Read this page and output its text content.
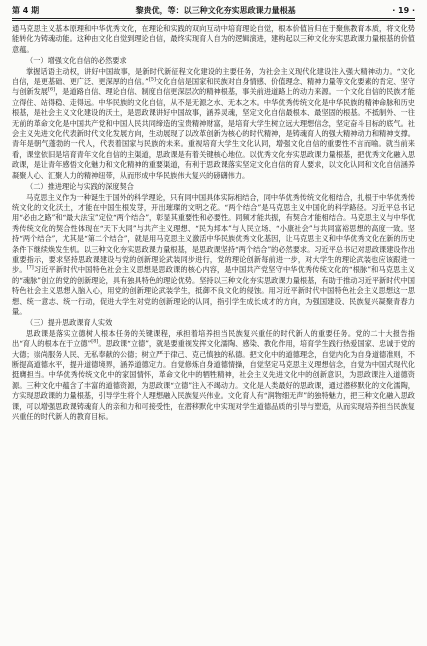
第 4 期	黎贵优，等：以三种文化夯实思政课力量根基	· 19 ·

通马克思主义基本原理和中华优秀文化，在理论和实践的双向互动中培育理论自觉，根本价值旨归在于聚焦教育本质，将文化势能转化为铸魂动能。这种由文化自觉到理论自信，最终实现育人自为的逻辑演进，建构起以三种文化夯实思政课力量根基的价值意蕴。

（一）增强文化自信的必然要求

掌握话语主动权，讲好中国故事，是新时代新征程文化建设的主要任务，为社会主义现代化建设注入强大精神动力。“文化自信，是更基础、更广泛、更深厚的自信。”[5]文化自信是国家和民族对自身情感、价值理念、精神力量等文化要素的肯定、坚守与创新发展[6]，是道路自信、理论自信、制度自信更深层次的精神根基，事关前进道路上的动力来源。一个文化自信的民族才能立得住、站得稳、走得远。中华民族的文化自信，从不是无源之水、无本之木。中华优秀传统文化是中华民族的精神命脉和历史根基，是社会主义文化建设的沃土，是思政课讲好中国故事，涵养灵魂，坚定文化自信最根本、最坚固的根基。不抵制外、一往无前的革命文化是中国共产党和中国人民共同缔造的宝贵精神财富，是培育大学生树立远大理想信念，坚定奋斗目标的底气。社会主义先进文化代表新时代文化发展方向，生动展现了以改革创新为核心的时代精神，是铸魂育人的强大精神动力和精神支撑。青年是朝气蓬勃的一代人，代表着国家与民族的未来。重视培育大学生文化认同，增强文化自信的重要性不言而喻。就当前来看，课堂依旧是培育青年文化自信的主渠道，思政课是有着关键核心地位。以优秀文化夯实思政课力量根基，把优秀文化融入思政课，是让青年感悟文化魅力和文化精神的重要渠道，有利于思政课落实坚定文化自信的育人要求，以文化认同和文化自信涵养凝聚人心、汇聚人力的精神纽带，从而形成中华民族伟大复兴的磅礴伟力。

（二）推进理论与实践的深度契合

马克思主义作为一种诞生于国外的科学理论，只有同中国具体实际相结合，同中华优秀传统文化相结合，扎根于中华优秀传统文化的文化沃土，才能在中国生根发芽，开出璀璨的文明之花。“两个结合”是马克思主义中国化的科学路径。习近平总书记用“必由之路”和“最大法宝”定位“两个结合”，彰显其重要性和必要性。同频才能共振，有契合才能相结合。马克思主义与中华优秀传统文化的契合性体现在“天下大同”与共产主义理想、“民为邦本”与人民立场、“小康社会”与共同富裕思想的高度一致。坚持“两个结合”，尤其是“第二个结合”，就是用马克思主义激活中华民族优秀文化基因，让马克思主义和中华优秀文化在新的历史条件下继续焕发生机。以三种文化夯实思政课力量根基，是思政课坚持“两个结合”的必然要求。习近平总书记对思政课建设作出重要指示，要求坚持思政课建设与党的创新理论武装同步进行，党的理论创新每前进一步，对大学生的理论武装也应该跟进一步。[7]习近平新时代中国特色社会主义思想是思政课的核心内容，是中国共产党坚守中华优秀传统文化的“根脉”和马克思主义的“魂脉”创立的党的创新理论，具有独具特色的理论优势。坚持以三种文化夯实思政课力量根基，有助于推动习近平新时代中国特色社会主义思想入脑入心，用党的创新理论武装学生，抵御不良文化的侵蚀。用习近平新时代中国特色社会主义思想这一思想、统一意志、统一行动，促进大学生对党的创新理论的认同，指引学生成长成才的方向，为强国建设、民族复兴凝聚青春力量。

（三）提升思政课育人实效

思政课是落实立德树人根本任务的关键课程，承担着培养担当民族复兴重任的时代新人的重要任务。党的二十大报告指出“育人的根本在于立德”[8]。思政课“立德”，就是要重视发挥文化濡陶、感染、教化作用，培育学生践行热爱国家、忠诚于党的大德；崇尚服务人民、无私奉献的公德；树立严于律己、克己慎独的私德。把文化中的道德理念，自觉内化为自身道德准则，不断提高道德水平，提升道德境界，涵养道德定力。自觉修炼自身道德情操，自觉坚定马克思主义理想信念，自觉为中国式现代化挺膺担当。中华优秀传统文化中的家国情怀，革命文化中的牺牲精神，社会主义先进文化中的创新意识，为思政课注入道德资源。三种文化中蕴含了丰富的道德资源，为思政课“立德”注入不竭动力。文化是人类最好的思政课，通过潜移默化的文化濡陶，方实现思政课的力量根基，引导学生将个人理想融入民族复兴伟业。文化育人有“润物细无声”的独特魅力，把三种文化融入思政课，可以增强思政课铸魂育人的亲和力和可接受性，在潜移默化中实现对学生道德品质的引导与塑造，从而实现培养担当民族复兴重任的时代新人的教育目标。
